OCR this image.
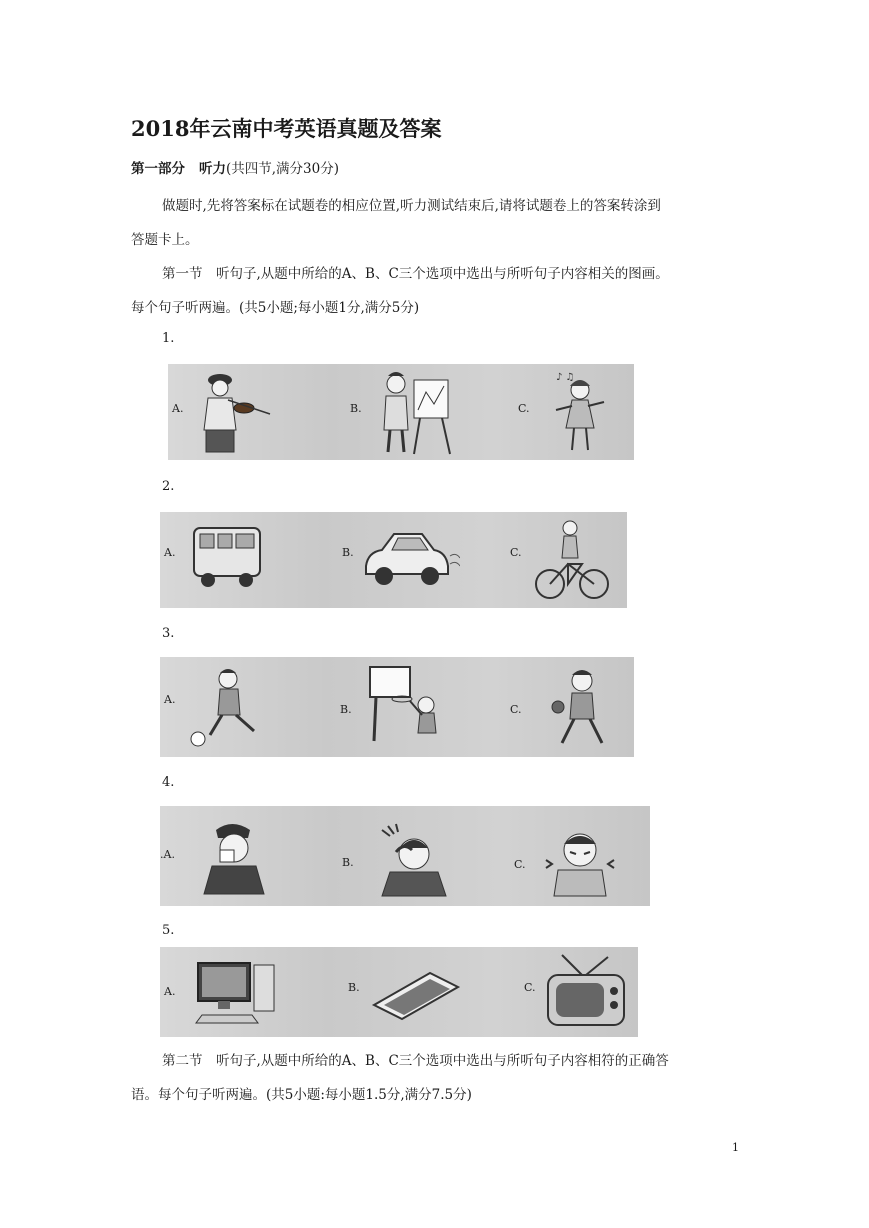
2018年云南中考英语真题及答案
第一部分 听力(共四节,满分30分)
做题时,先将答案标在试题卷的相应位置,听力测试结束后,请将试题卷上的答案转涂到
答题卡上。
第一节　听句子,从题中所给的A、B、C三个选项中选出与所听句子内容相关的图画。
每个句子听两遍。(共5小题;每小题1分,满分5分)
1.
A.	B.	C.
♪ ♫
2.
A.	B.	C.
3.
A.
B.	C.
4.
.A.
B.	C.
5.
A.	B.	C.
第二节　听句子,从题中所给的A、B、C三个选项中选出与所听句子内容相符的正确答
语。每个句子听两遍。(共5小题:每小题1.5分,满分7.5分)
1
